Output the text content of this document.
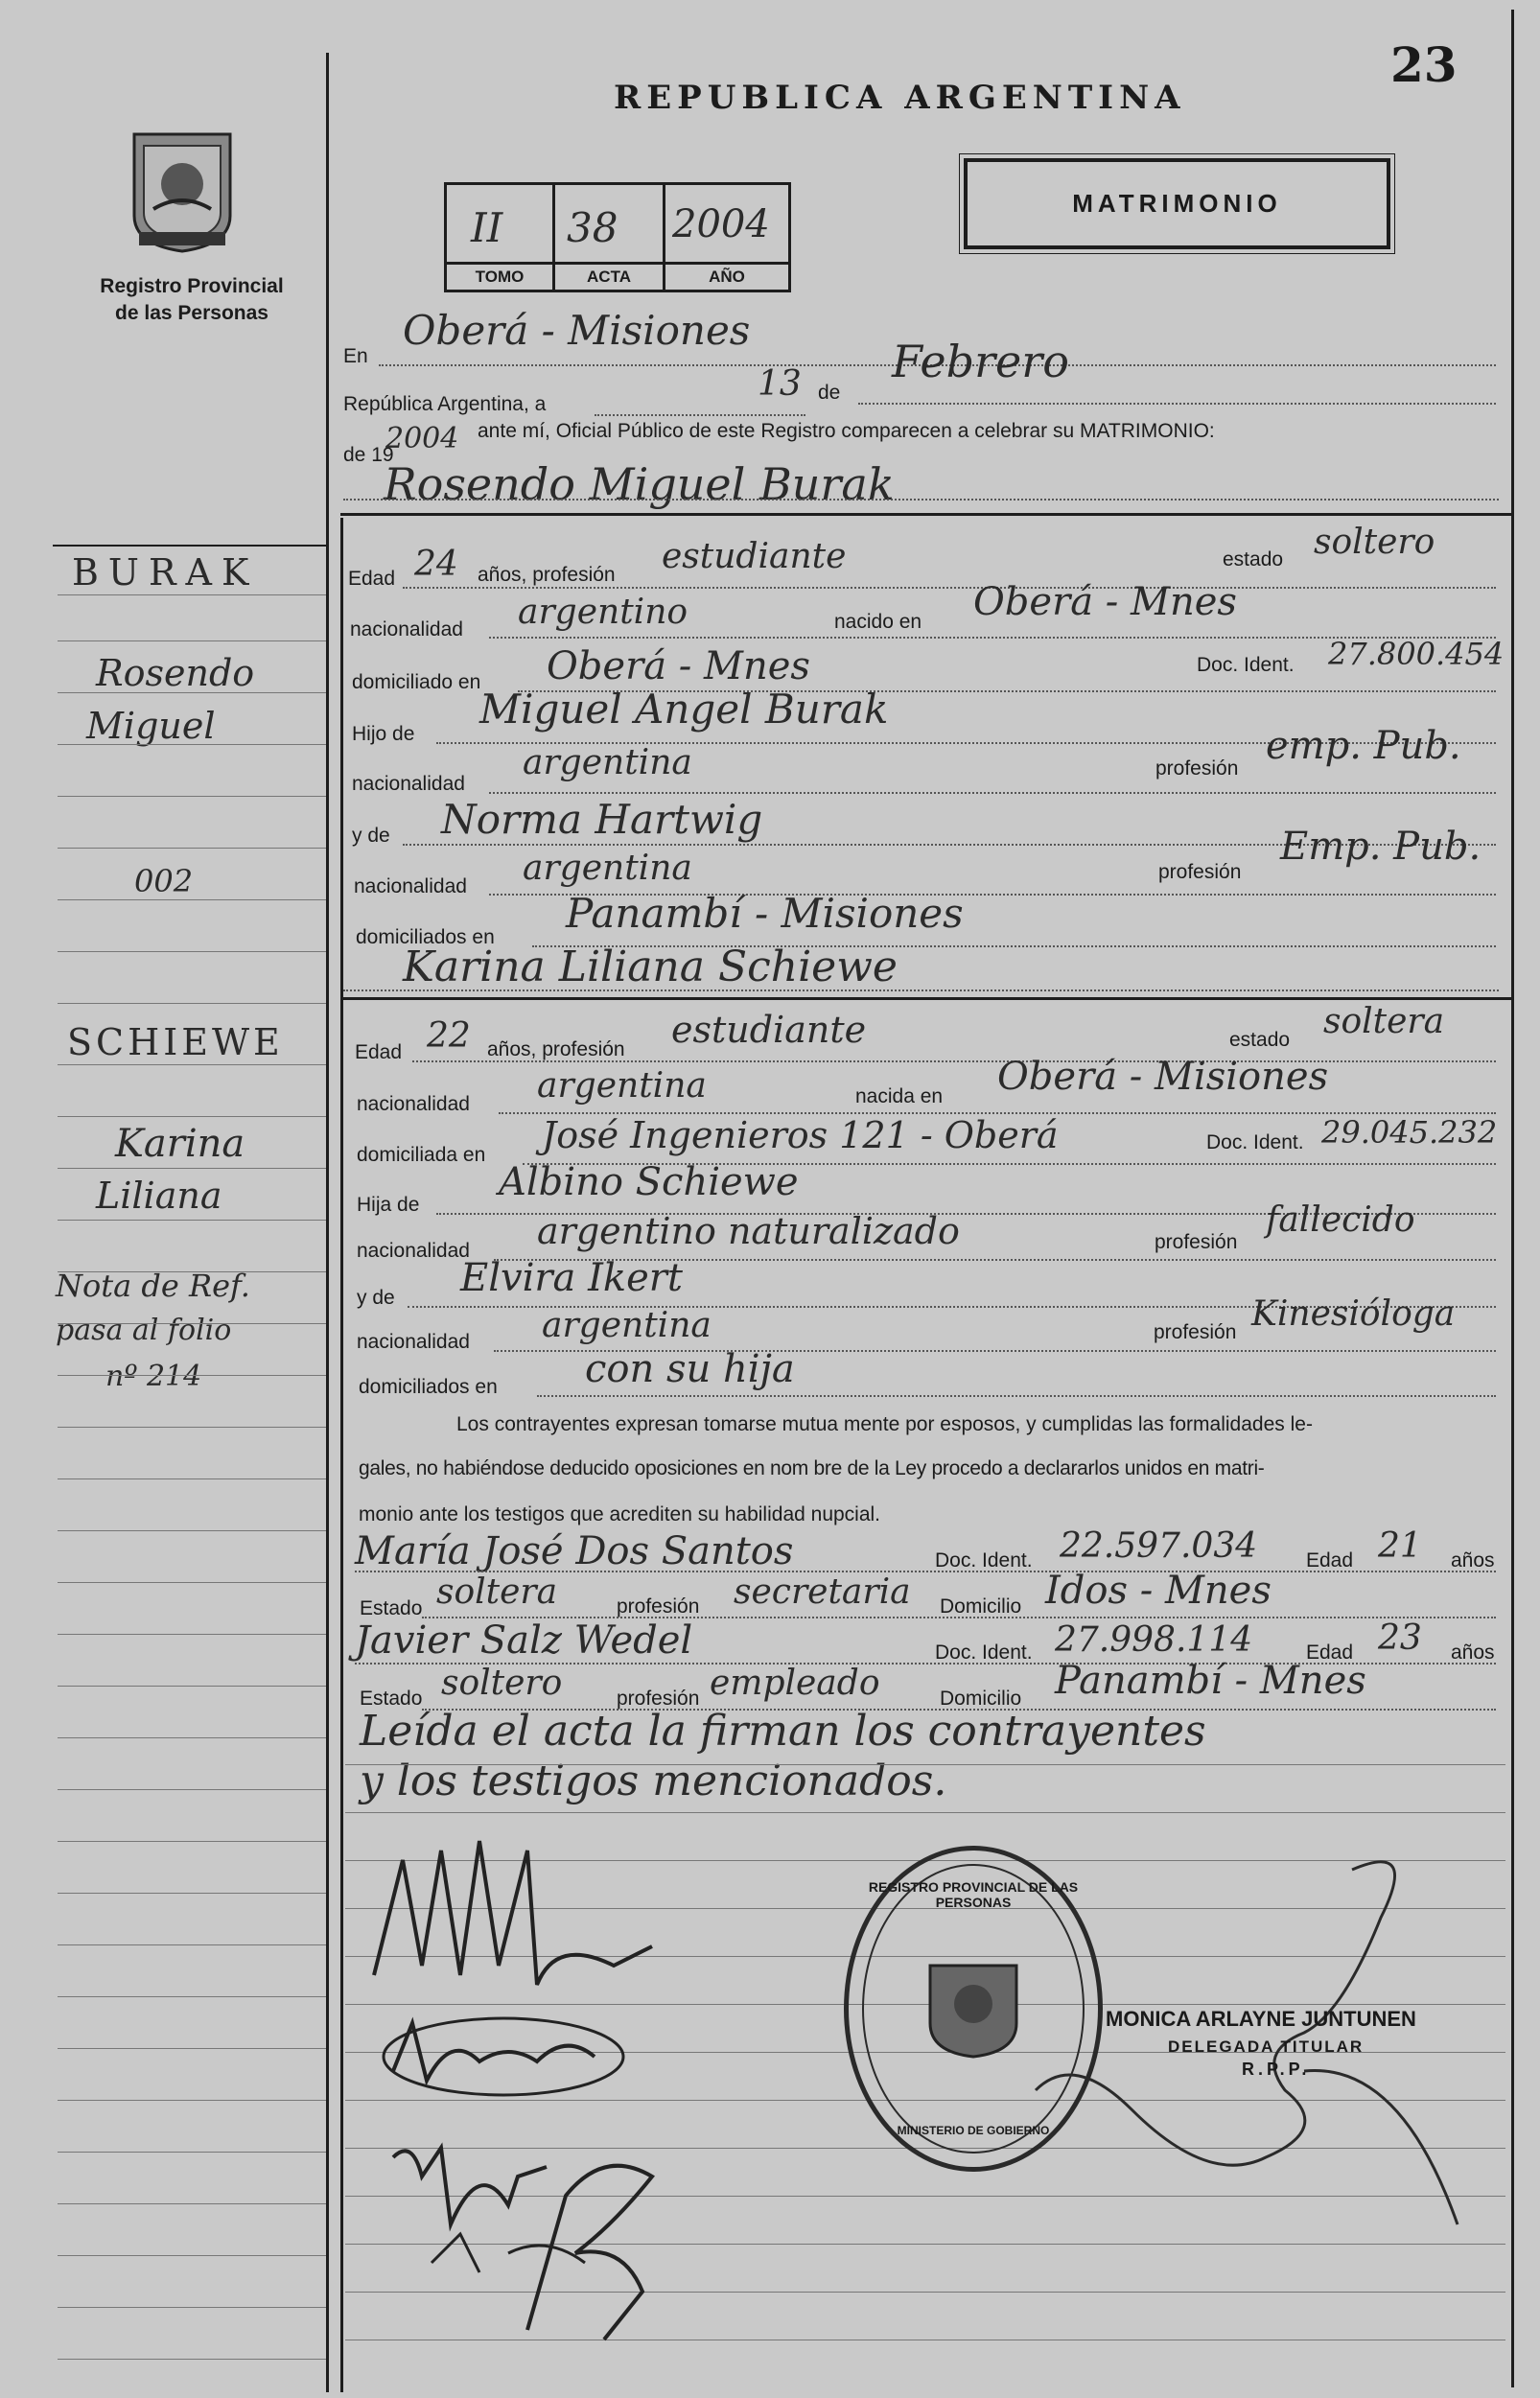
23
REPUBLICA ARGENTINA
Registro Provincial
de las Personas
II 38 2004
TOMO	ACTA	AÑO
MATRIMONIO
En
Oberá - Misiones
República Argentina, a
13 de
Febrero
de 19
2004 ante mí, Oficial Público de este Registro comparecen a celebrar su MATRIMONIO:
Rosendo Miguel Burak
BURAK
Rosendo
Miguel
002
SCHIEWE
Karina
Liliana
Nota de Ref.
pasa al folio
nº 214
Edad 24 años, profesión estudiante	estado soltero
nacionalidad argentino	nacido en Oberá - Mnes
domiciliado en Oberá - Mnes	Doc. Ident. 27.800.454
Hijo de
Miguel Angel Burak
nacionalidad
argentina	profesión
emp. Pub.
y de Norma Hartwig
nacionalidad argentina	profesión
Emp. Pub.
domiciliados en
Panambí - Misiones
Karina Liliana Schiewe
Edad 22 años, profesión estudiante	estado soltera
nacionalidad argentina	nacida en Oberá - Misiones
domiciliada en José Ingenieros 121 - Oberá	Doc. Ident. 29.045.232
Hija de
Albino Schiewe
nacionalidad argentino naturalizado	profesión
fallecido
y de Elvira Ikert
nacionalidad argentina	profesión Kinesióloga
domiciliados en con su hija
Los contrayentes expresan tomarse mutua mente por esposos, y cumplidas las formalidades le-
gales, no habiéndose deducido oposiciones en nom bre de la Ley procedo a declararlos unidos en matri-
monio ante los testigos que acrediten su habilidad nupcial.
María José Dos Santos	Doc. Ident. 22.597.034 Edad 21 años
Estado soltera	profesión secretaria Domicilio Idos - Mnes
Javier Salz Wedel	Doc. Ident. 27.998.114	Edad 23 años
Estado soltero	profesión empleado	Domicilio Panambí - Mnes
Leída el acta la firman los contrayentes
y los testigos mencionados.
REGISTRO PROVINCIAL DE LAS PERSONAS
MINISTERIO DE GOBIERNO
MONICA ARLAYNE JUNTUNEN
DELEGADA TITULAR
R.P.P.
